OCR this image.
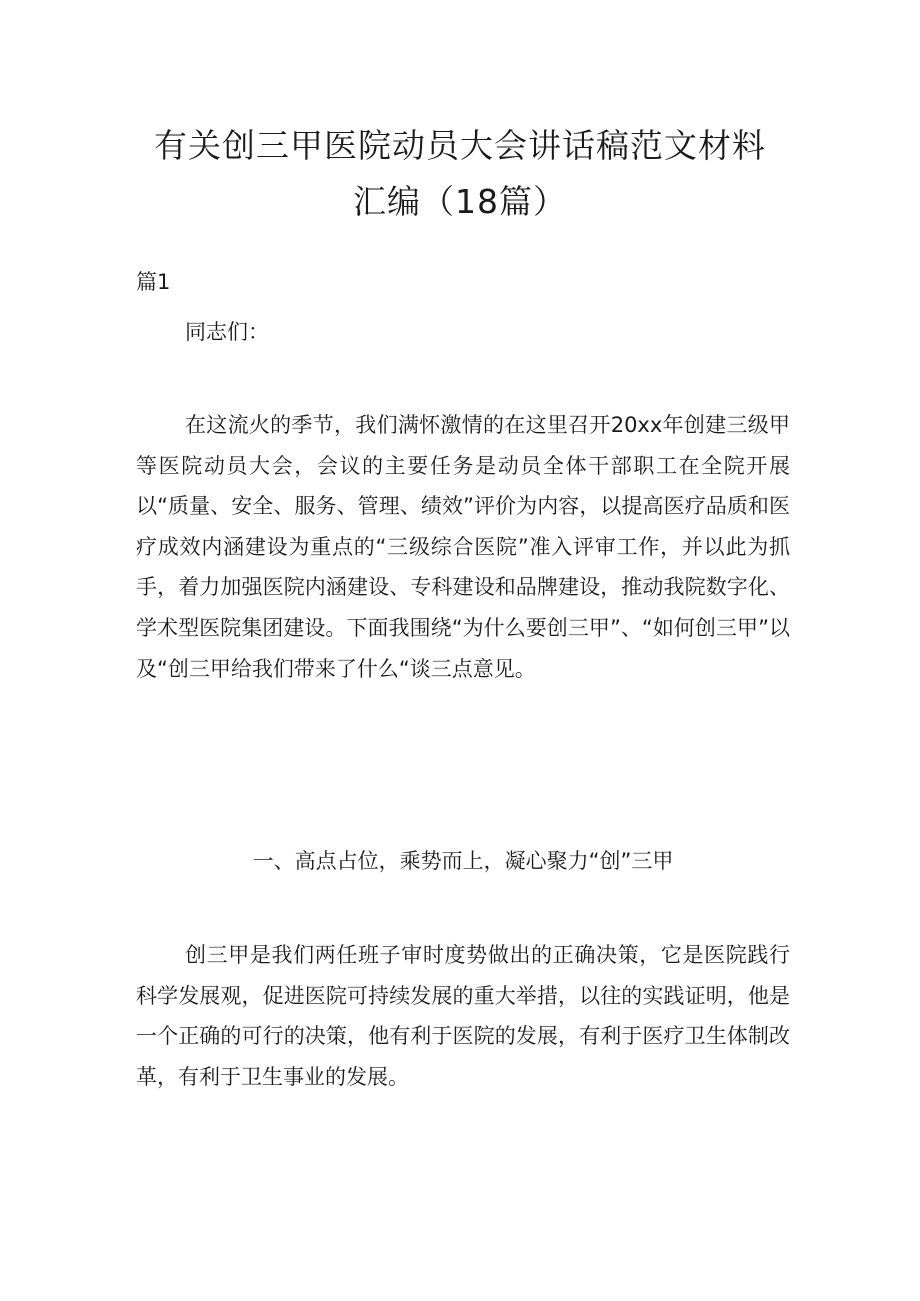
有关创三甲医院动员大会讲话稿范文材料
汇编（18篇）

篇1

同志们：

在这流火的季节，我们满怀激情的在这里召开20xx年创建三级甲等医院动员大会，会议的主要任务是动员全体干部职工在全院开展以“质量、安全、服务、管理、绩效”评价为内容，以提高医疗品质和医疗成效内涵建设为重点的“三级综合医院”准入评审工作，并以此为抓手，着力加强医院内涵建设、专科建设和品牌建设，推动我院数字化、学术型医院集团建设。下面我围绕“为什么要创三甲”、“如何创三甲”以及“创三甲给我们带来了什么“谈三点意见。

一、高点占位，乘势而上，凝心聚力“创”三甲

创三甲是我们两任班子审时度势做出的正确决策，它是医院践行科学发展观，促进医院可持续发展的重大举措，以往的实践证明，他是一个正确的可行的决策，他有利于医院的发展，有利于医疗卫生体制改革，有利于卫生事业的发展。
